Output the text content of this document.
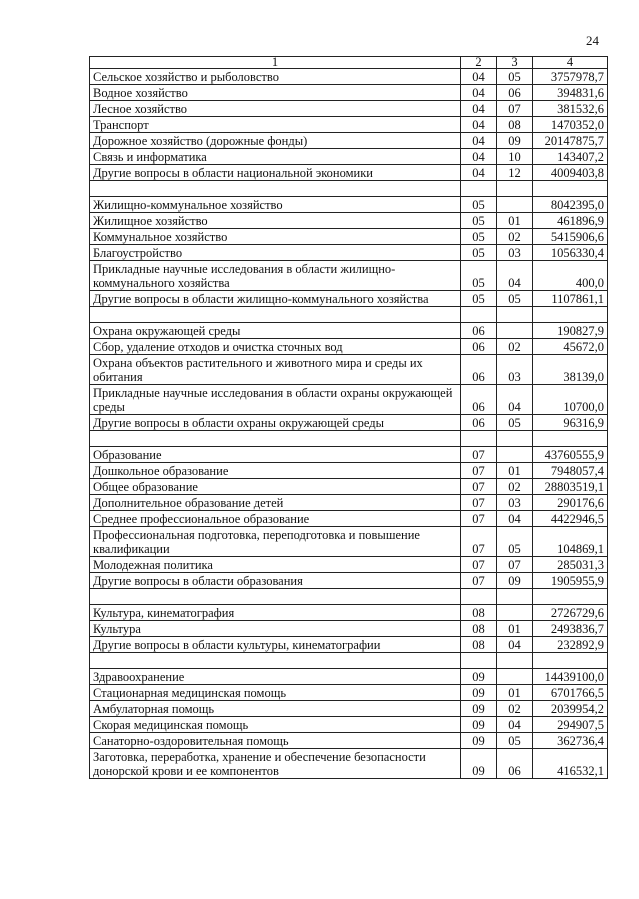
24
1	2	3	4
Сельское хозяйство и рыболовство	04	05	3757978,7
Водное хозяйство	04	06	394831,6
Лесное хозяйство	04	07	381532,6
Транспорт	04	08	1470352,0
Дорожное хозяйство (дорожные фонды)	04	09	20147875,7
Связь и информатика	04	10	143407,2
Другие вопросы в области национальной экономики	04	12	4009403,8

Жилищно-коммунальное хозяйство	05		8042395,0
Жилищное хозяйство	05	01	461896,9
Коммунальное хозяйство	05	02	5415906,6
Благоустройство	05	03	1056330,4
Прикладные научные исследования в области жилищно-коммунального хозяйства	05	04	400,0
Другие вопросы в области жилищно-коммунального хозяйства	05	05	1107861,1

Охрана окружающей среды	06		190827,9
Сбор, удаление отходов и очистка сточных вод	06	02	45672,0
Охрана объектов растительного и животного мира и среды их обитания	06	03	38139,0
Прикладные научные исследования в области охраны окружающей среды	06	04	10700,0
Другие вопросы в области охраны окружающей среды	06	05	96316,9

Образование	07		43760555,9
Дошкольное образование	07	01	7948057,4
Общее образование	07	02	28803519,1
Дополнительное образование детей	07	03	290176,6
Среднее профессиональное образование	07	04	4422946,5
Профессиональная подготовка, переподготовка и повышение квалификации	07	05	104869,1
Молодежная политика	07	07	285031,3
Другие вопросы в области образования	07	09	1905955,9

Культура, кинематография	08		2726729,6
Культура	08	01	2493836,7
Другие вопросы в области культуры, кинематографии	08	04	232892,9

Здравоохранение	09		14439100,0
Стационарная медицинская помощь	09	01	6701766,5
Амбулаторная помощь	09	02	2039954,2
Скорая медицинская помощь	09	04	294907,5
Санаторно-оздоровительная помощь	09	05	362736,4
Заготовка, переработка, хранение и обеспечение безопасности донорской крови и ее компонентов	09	06	416532,1
